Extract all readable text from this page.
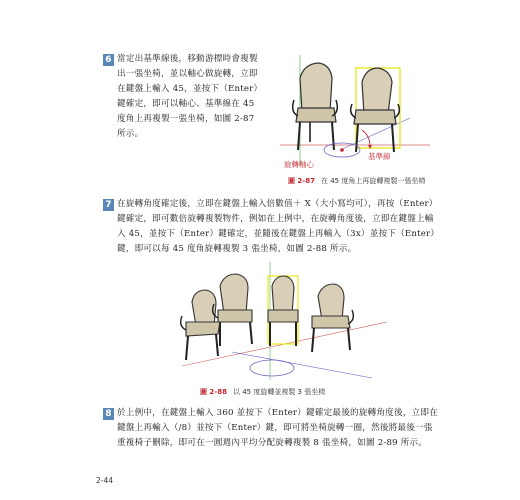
6 當定出基準線後，移動游標時會複製
出一張坐椅，並以軸心做旋轉，立即
在鍵盤上輸入 45，並按下（Enter）
鍵確定，即可以軸心、基準線在 45
度角上再複製一張坐椅，如圖 2-87
所示。
旋轉軸心
基準線
圖 2-87 在 45 度角上再旋轉複製一張坐椅
7 在旋轉角度確定後，立即在鍵盤上輸入倍數值＋ X（大小寫均可），再按（Enter）
鍵確定，即可數倍旋轉複製物件，例如在上例中，在旋轉角度後，立即在鍵盤上輸
入 45，並按下（Enter）鍵確定，並隨後在鍵盤上再輸入（3x）並按下（Enter）
鍵，即可以每 45 度角旋轉複製 3 張坐椅，如圖 2-88 所示。
圖 2-88 以 45 度旋轉並複製 3 張坐椅
8 於上例中，在鍵盤上輸入 360 並按下（Enter）鍵確定最後的旋轉角度後，立即在
鍵盤上再輸入（/8）並按下（Enter）鍵，即可將坐椅旋轉一圈，然後將最後一張
重複椅子刪除，即可在一圓週內平均分配旋轉複製 8 張坐椅，如圖 2-89 所示。
2-44
